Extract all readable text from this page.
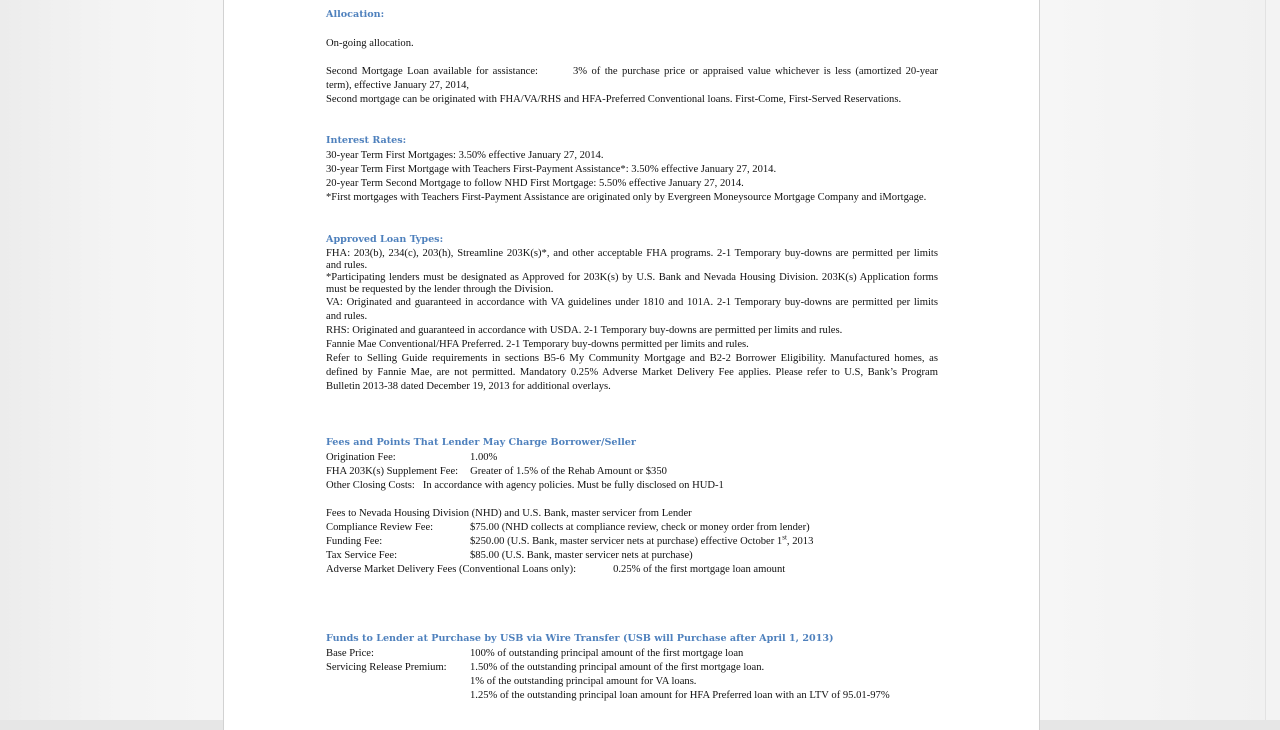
Allocation:
On-going allocation.
Second Mortgage Loan available for assistance:	3% of the purchase price or appraised value whichever is less (amortized 20-year
term), effective January 27, 2014,
Second mortgage can be originated with FHA/VA/RHS and HFA-Preferred Conventional loans. First-Come, First-Served Reservations.
Interest Rates:
30-year Term First Mortgages: 3.50% effective January 27, 2014.
30-year Term First Mortgage with Teachers First-Payment Assistance*: 3.50% effective January 27, 2014.
20-year Term Second Mortgage to follow NHD First Mortgage: 5.50% effective January 27, 2014.
*First mortgages with Teachers First-Payment Assistance are originated only by Evergreen Moneysource Mortgage Company and iMortgage.
Approved Loan Types:
FHA: 203(b), 234(c), 203(h), Streamline 203K(s)*, and other acceptable FHA programs. 2-1 Temporary buy-downs are permitted per limits
and rules.
*Participating lenders must be designated as Approved for 203K(s) by U.S. Bank and Nevada Housing Division. 203K(s) Application forms
must be requested by the lender through the Division.
VA: Originated and guaranteed in accordance with VA guidelines under 1810 and 101A. 2-1 Temporary buy-downs are permitted per limits
and rules.
RHS: Originated and guaranteed in accordance with USDA. 2-1 Temporary buy-downs are permitted per limits and rules.
Fannie Mae Conventional/HFA Preferred. 2-1 Temporary buy-downs permitted per limits and rules.
Refer to Selling Guide requirements in sections B5-6 My Community Mortgage and B2-2 Borrower Eligibility. Manufactured homes, as
defined by Fannie Mae, are not permitted. Mandatory 0.25% Adverse Market Delivery Fee applies. Please refer to U.S, Bank’s Program
Bulletin 2013-38 dated December 19, 2013 for additional overlays.
Fees and Points That Lender May Charge Borrower/Seller
Origination Fee:	1.00%
FHA 203K(s) Supplement Fee: Greater of 1.5% of the Rehab Amount or $350
Other Closing Costs: In accordance with agency policies. Must be fully disclosed on HUD-1
Fees to Nevada Housing Division (NHD) and U.S. Bank, master servicer from Lender
Compliance Review Fee:	$75.00 (NHD collects at compliance review, check or money order from lender)
Funding Fee:	$250.00 (U.S. Bank, master servicer nets at purchase) effective October 1st, 2013
Tax Service Fee:	$85.00 (U.S. Bank, master servicer nets at purchase)
Adverse Market Delivery Fees (Conventional Loans only):	0.25% of the first mortgage loan amount
Funds to Lender at Purchase by USB via Wire Transfer (USB will Purchase after April 1, 2013)
Base Price:	100% of outstanding principal amount of the first mortgage loan
Servicing Release Premium:1.50% of the outstanding principal amount of the first mortgage loan.
1% of the outstanding principal amount for VA loans.
1.25% of the outstanding principal loan amount for HFA Preferred loan with an LTV of 95.01-97%
